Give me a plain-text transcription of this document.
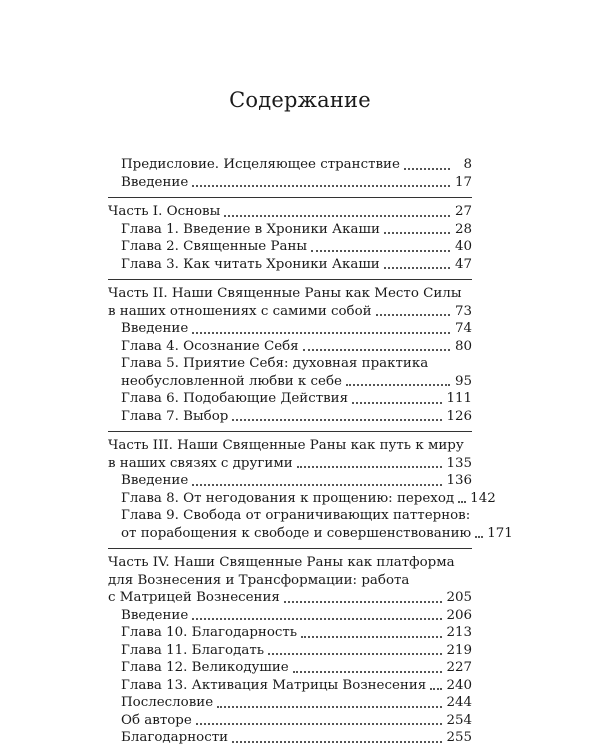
Содержание
Предисловие. Исцеляющее странствие	8
Введение	17
Часть I. Основы	27
Глава 1. Введение в Хроники Акаши	28
Глава 2. Священные Раны	40
Глава 3. Как читать Хроники Акаши	47
Часть II. Наши Священные Раны как Место Силы
в наших отношениях с самими собой	73
Введение	74
Глава 4. Осознание Себя	80
Глава 5. Приятие Себя: духовная практика
необусловленной любви к себе	95
Глава 6. Подобающие Действия	111
Глава 7. Выбор	126
Часть III. Наши Священные Раны как путь к миру
в наших связях с другими	135
Введение	136
Глава 8. От негодования к прощению: переход 142
Глава 9. Свобода от ограничивающих паттернов:
от порабощения к свободе и совершенствованию 171
Часть IV. Наши Священные Раны как платформа
для Вознесения и Трансформации: работа
с Матрицей Вознесения	205
Введение	206
Глава 10. Благодарность	213
Глава 11. Благодать	219
Глава 12. Великодушие	227
Глава 13. Активация Матрицы Вознесения 240
Послесловие	244
Об авторе	254
Благодарности	255
